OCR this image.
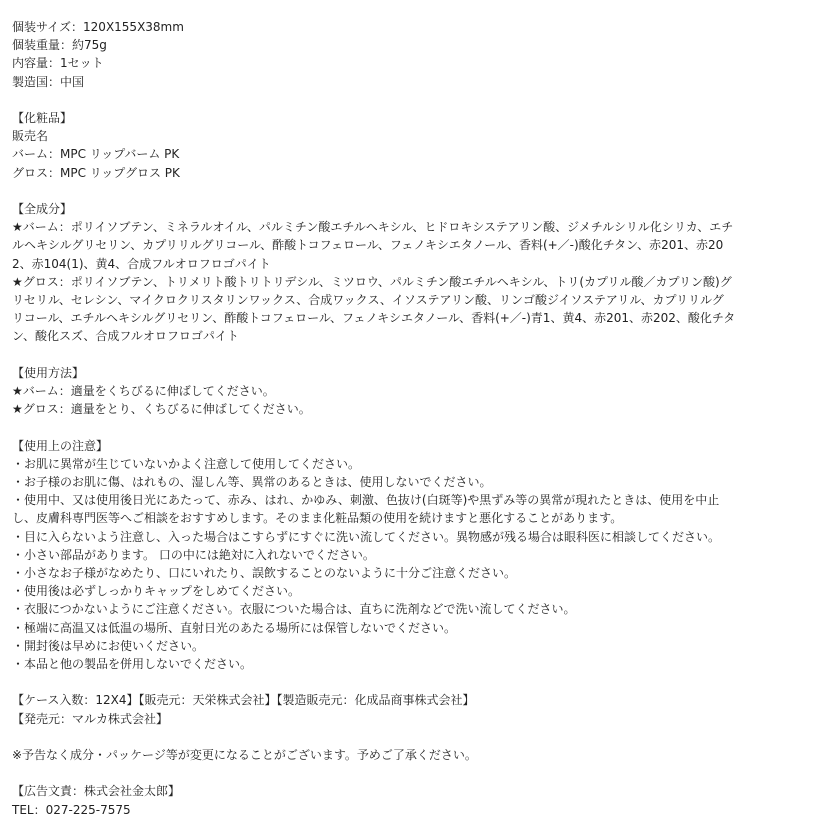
個装サイズ：120X155X38mm
個装重量：約75g
内容量：1セット
製造国：中国
【化粧品】
販売名
バーム：MPC リップバーム PK
グロス：MPC リップグロス PK
【全成分】
★バーム：ポリイソブテン、ミネラルオイル、パルミチン酸エチルヘキシル、ヒドロキシステアリン酸、ジメチルシリル化シリカ、エチ
ルヘキシルグリセリン、カプリリルグリコール、酢酸トコフェロール、フェノキシエタノール、香料(+／-)酸化チタン、赤201、赤20
2、赤104(1)、黄4、合成フルオロフロゴパイト
★グロス：ポリイソブテン、トリメリト酸トリトリデシル、ミツロウ、パルミチン酸エチルヘキシル、トリ(カプリル酸／カプリン酸)グ
リセリル、セレシン、マイクロクリスタリンワックス、合成ワックス、イソステアリン酸、リンゴ酸ジイソステアリル、カプリリルグ
リコール、エチルヘキシルグリセリン、酢酸トコフェロール、フェノキシエタノール、香料(+／-)青1、黄4、赤201、赤202、酸化チタ
ン、酸化スズ、合成フルオロフロゴパイト
【使用方法】
★バーム：適量をくちびるに伸ばしてください。
★グロス：適量をとり、くちびるに伸ばしてください。
【使用上の注意】
・お肌に異常が生じていないかよく注意して使用してください。
・お子様のお肌に傷、はれもの、湿しん等、異常のあるときは、使用しないでください。
・使用中、又は使用後日光にあたって、赤み、はれ、かゆみ、刺激、色抜け(白斑等)や黒ずみ等の異常が現れたときは、使用を中止
し、皮膚科専門医等へご相談をおすすめします。そのまま化粧品類の使用を続けますと悪化することがあります。
・目に入らないよう注意し、入った場合はこすらずにすぐに洗い流してください。異物感が残る場合は眼科医に相談してください。
・小さい部品があります。 口の中には絶対に入れないでください。
・小さなお子様がなめたり、口にいれたり、誤飲することのないように十分ご注意ください。
・使用後は必ずしっかりキャップをしめてください。
・衣服につかないようにご注意ください。衣服についた場合は、直ちに洗剤などで洗い流してください。
・極端に高温又は低温の場所、直射日光のあたる場所には保管しないでください。
・開封後は早めにお使いください。
・本品と他の製品を併用しないでください。
【ケース入数：12X4】【販売元：天栄株式会社】【製造販売元：化成品商事株式会社】
【発売元：マルカ株式会社】
※予告なく成分・パッケージ等が変更になることがございます。予めご了承ください。
【広告文責：株式会社金太郎】
TEL：027-225-7575
